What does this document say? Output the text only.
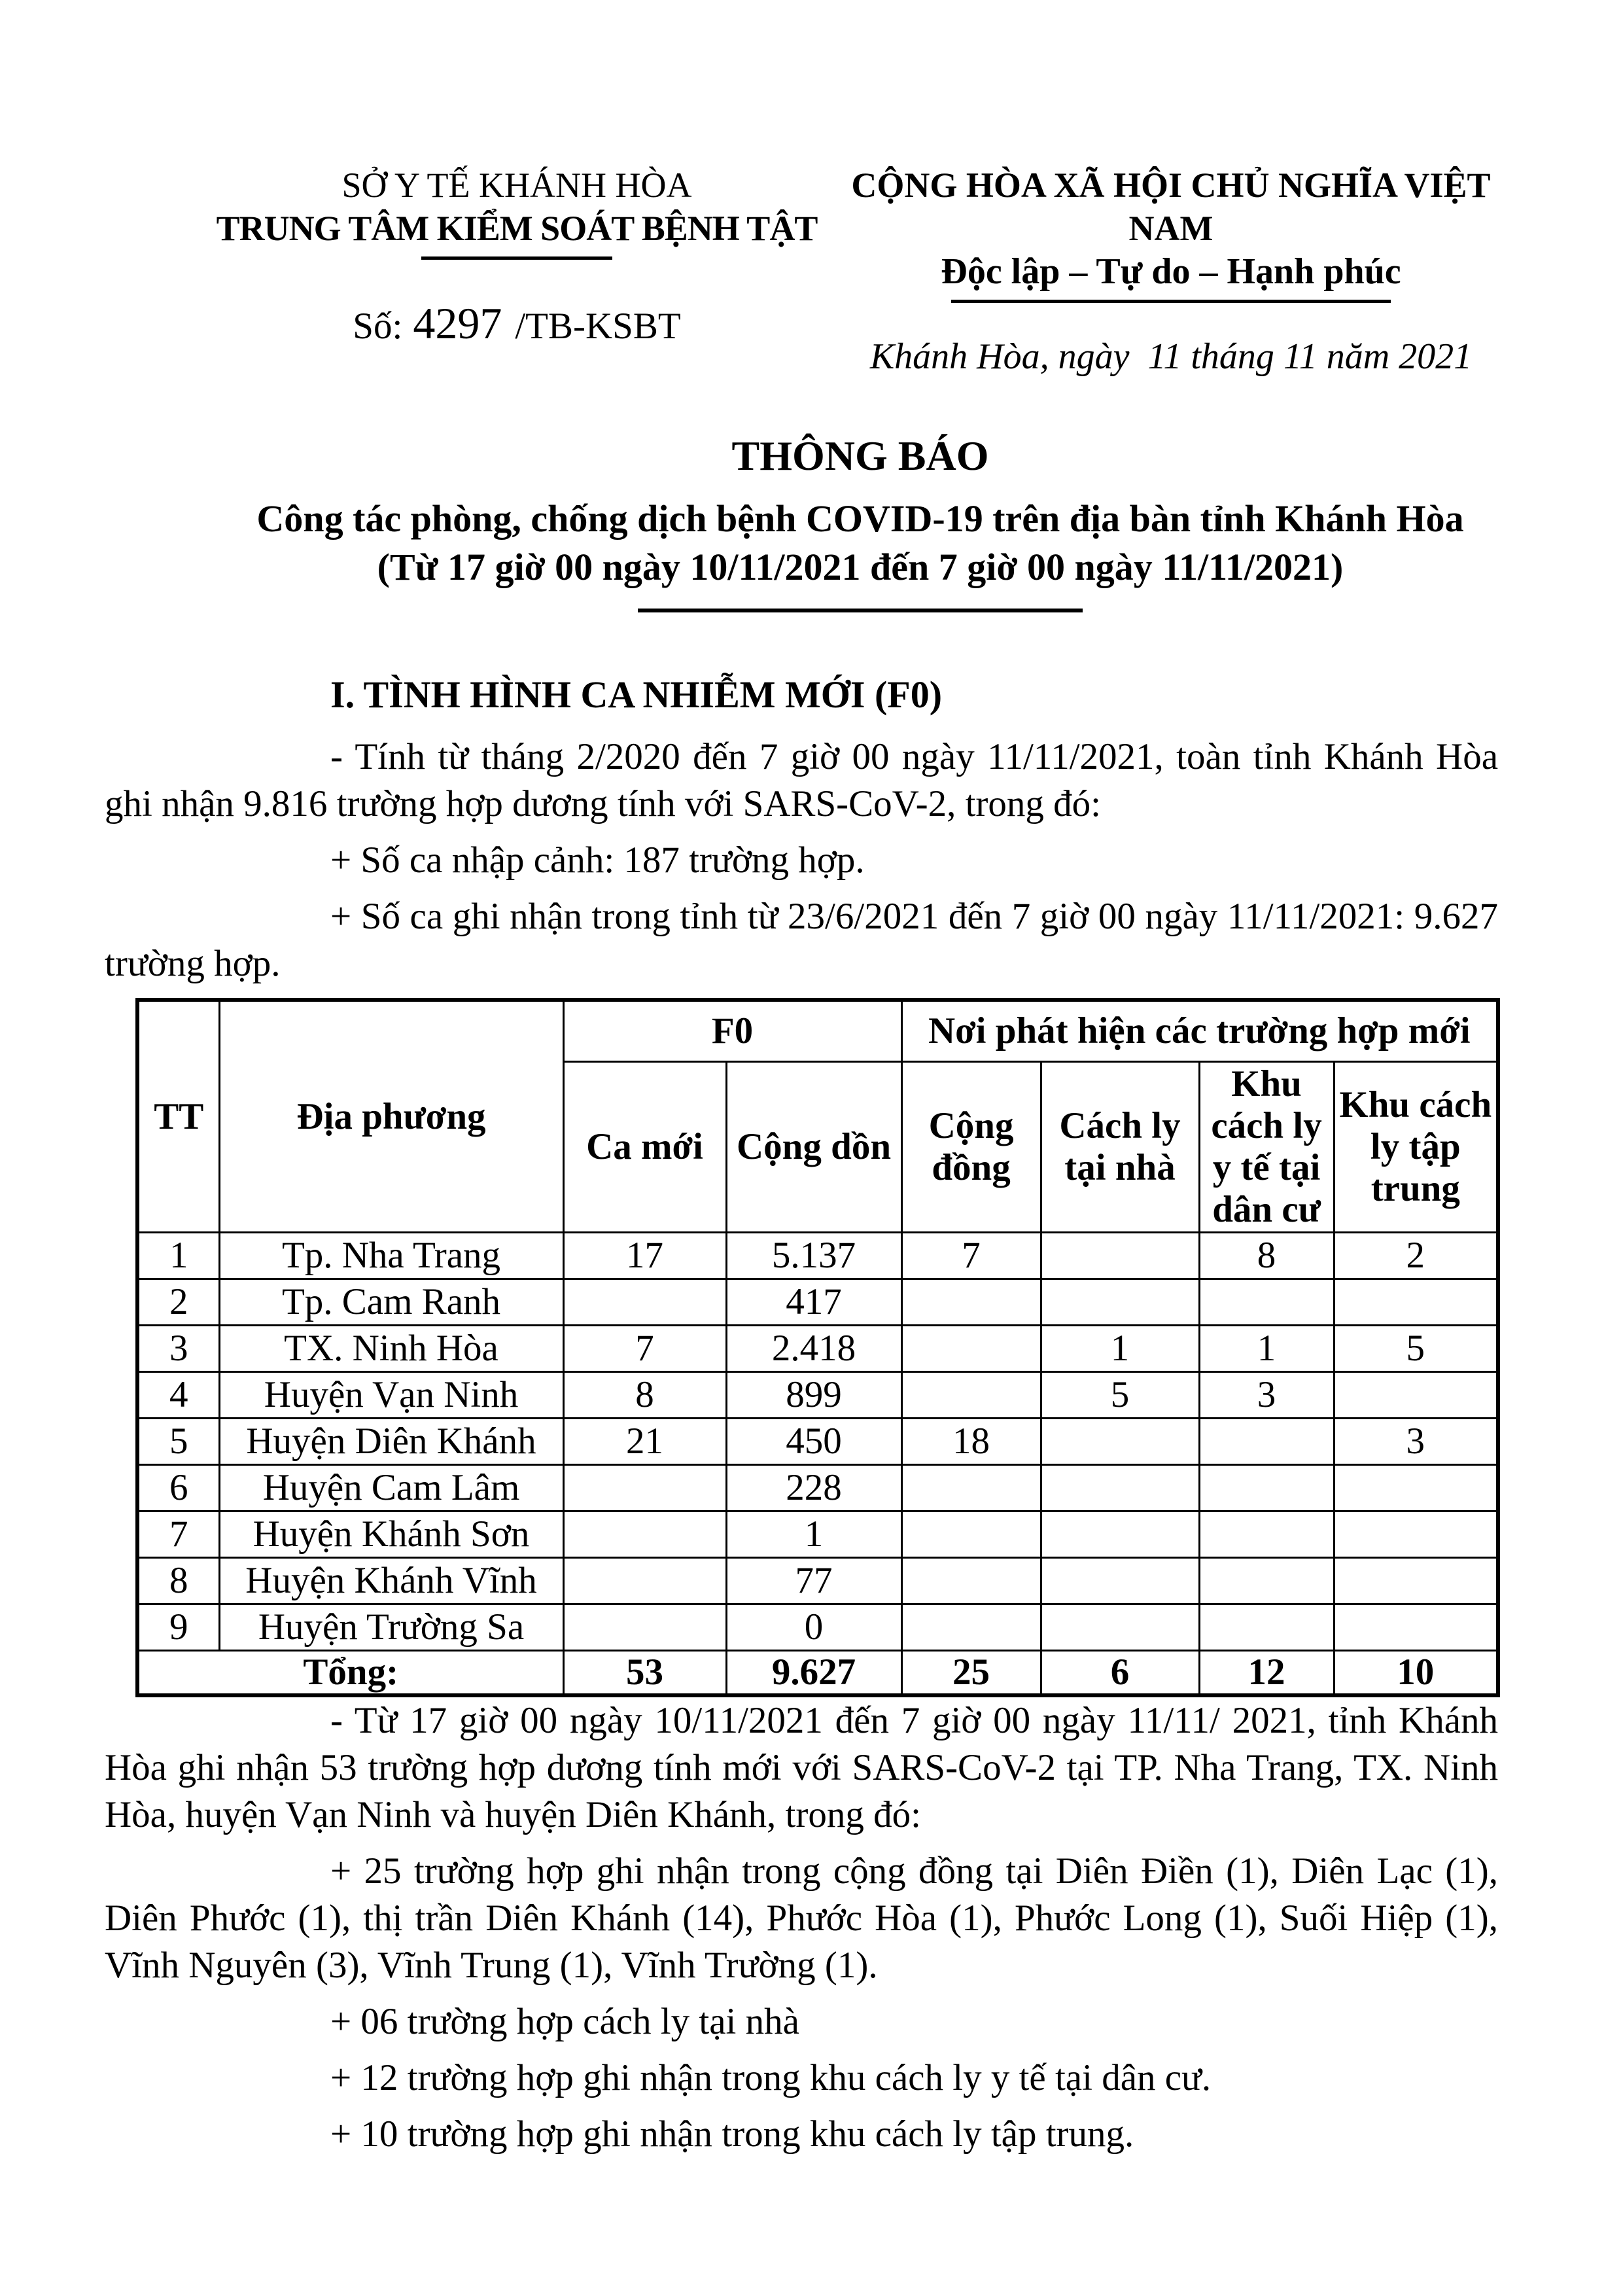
SỞ Y TẾ KHÁNH HÒA
TRUNG TÂM KIỂM SOÁT BỆNH TẬT
Số: 4297 /TB-KSBT
CỘNG HÒA XÃ HỘI CHỦ NGHĨA VIỆT NAM
Độc lập – Tự do – Hạnh phúc
Khánh Hòa, ngày  11 tháng 11 năm 2021
THÔNG BÁO
Công tác phòng, chống dịch bệnh COVID-19 trên địa bàn tỉnh Khánh Hòa
(Từ 17 giờ 00 ngày 10/11/2021 đến 7 giờ 00 ngày 11/11/2021)
I. TÌNH HÌNH CA NHIỄM MỚI (F0)

- Tính từ tháng 2/2020 đến 7 giờ 00 ngày 11/11/2021, toàn tỉnh Khánh Hòa ghi nhận 9.816 trường hợp dương tính với SARS-CoV-2, trong đó:

+ Số ca nhập cảnh: 187 trường hợp.

+ Số ca ghi nhận trong tỉnh từ 23/6/2021 đến 7 giờ 00 ngày 11/11/2021: 9.627 trường hợp.

TT	Địa phương	F0		Nơi phát hiện các trường hợp mới			
		Ca mới	Cộng dồn	Cộng đồng	Cách ly tại nhà	Khu cách ly y tế tại dân cư	Khu cách ly tập trung
1	Tp. Nha Trang	17	5.137	7		8	2
2	Tp. Cam Ranh		417				
3	TX. Ninh Hòa	7	2.418		1	1	5
4	Huyện Vạn Ninh	8	899		5	3	
5	Huyện Diên Khánh	21	450	18			3
6	Huyện Cam Lâm		228				
7	Huyện Khánh Sơn		1				
8	Huyện Khánh Vĩnh		77				
9	Huyện Trường Sa		0				
Tổng:		53	9.627	25	6	12	10

- Từ 17 giờ 00 ngày 10/11/2021 đến 7 giờ 00 ngày 11/11/ 2021, tỉnh Khánh Hòa ghi nhận 53 trường hợp dương tính mới với SARS-CoV-2 tại TP. Nha Trang, TX. Ninh Hòa, huyện Vạn Ninh và huyện Diên Khánh, trong đó:

+ 25 trường hợp ghi nhận trong cộng đồng tại Diên Điền (1), Diên Lạc (1), Diên Phước (1), thị trần Diên Khánh (14), Phước Hòa (1), Phước Long (1), Suối Hiệp (1), Vĩnh Nguyên (3), Vĩnh Trung (1), Vĩnh Trường (1).

+ 06 trường hợp cách ly tại nhà

+ 12 trường hợp ghi nhận trong khu cách ly y tế tại dân cư.

+ 10 trường hợp ghi nhận trong khu cách ly tập trung.
